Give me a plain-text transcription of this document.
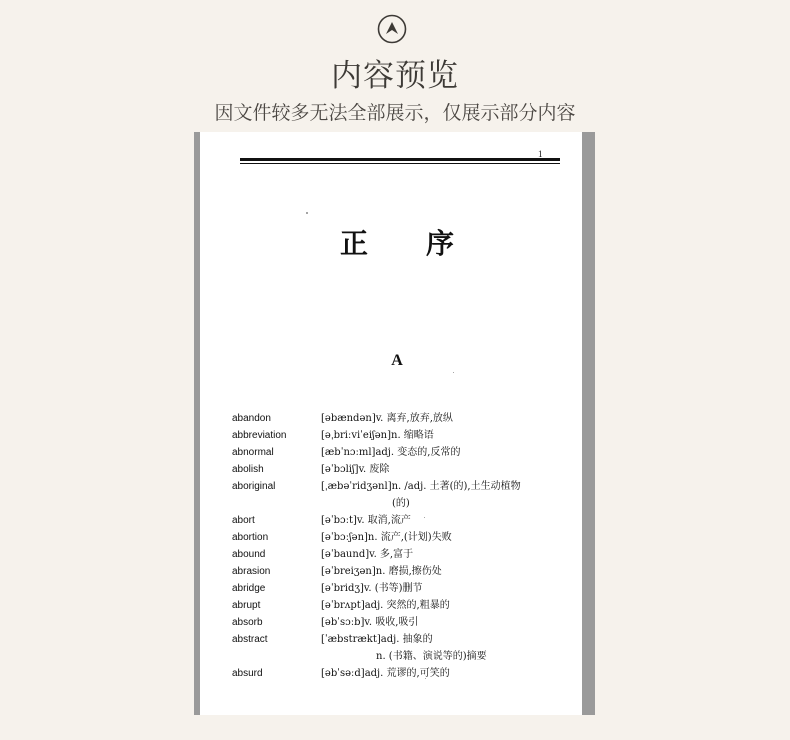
内容预览
因文件较多无法全部展示，仅展示部分内容
1
正序
A
abandon	[əbændən]v. 离弃,放弃,放纵
abbreviation	[əˌbriːviˈeiʃən]n. 缩略语
abnormal	[æbˈnɔːml]adj. 变态的,反常的
abolish	[əˈbɔliʃ]v. 废除
aboriginal	[ˌæbəˈridʒənl]n. /adj. 土著(的),土生动植物
(的)
abort	[əˈbɔːt]v. 取消,流产
abortion	[əˈbɔːʃən]n. 流产,(计划)失败
abound	[əˈbaund]v. 多,富于
abrasion	[əˈbreiʒən]n. 磨损,擦伤处
abridge	[əˈbridʒ]v. (书等)删节
abrupt	[əˈbrʌpt]adj. 突然的,粗暴的
absorb	[əbˈsɔːb]v. 吸收,吸引
abstract	[ˈæbstrækt]adj. 抽象的
n. (书籍、演说等的)摘要
absurd	[əbˈsəːd]adj. 荒谬的,可笑的
